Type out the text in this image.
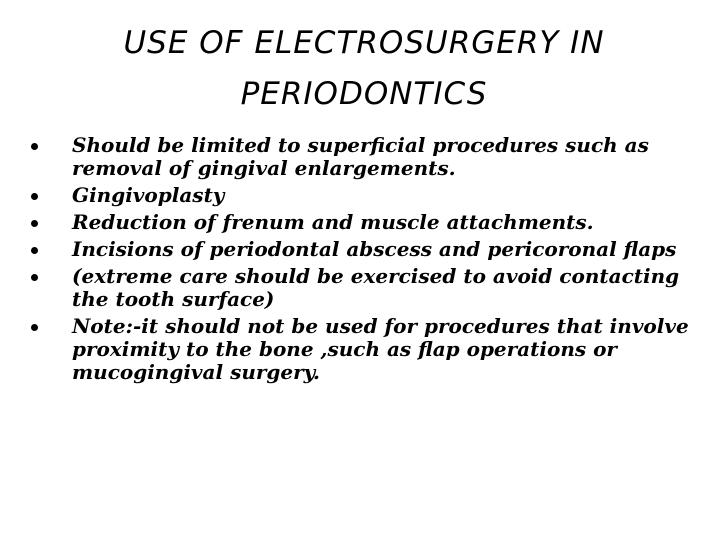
USE OF ELECTROSURGERY IN
PERIODONTICS
Should be limited to superficial procedures such as removal of gingival enlargements.
Gingivoplasty
Reduction of frenum and muscle attachments.
Incisions of periodontal abscess and pericoronal flaps
(extreme care should be exercised to avoid contacting the tooth surface)
Note:-it should not be used for procedures that involve proximity to the bone ,such as flap operations or mucogingival surgery.
